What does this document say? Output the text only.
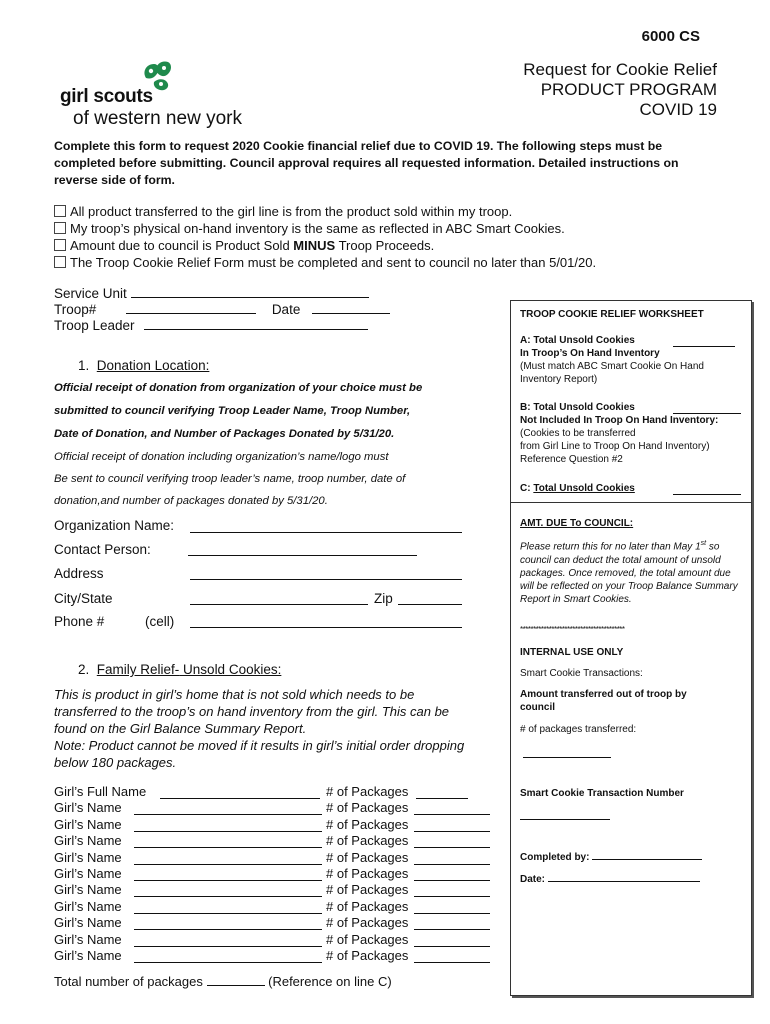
6000 CS
girl scouts
of western new york
Request for Cookie Relief
PRODUCT PROGRAM
COVID 19
Complete this form to request 2020 Cookie financial relief due to COVID 19. The following steps must be completed before submitting. Council approval requires all requested information. Detailed instructions on reverse side of form.
All product transferred to the girl line is from the product sold within my troop.
My troop’s physical on-hand inventory is the same as reflected in ABC Smart Cookies.
Amount due to council is Product Sold MINUS Troop Proceeds.
The Troop Cookie Relief Form must be completed and sent to council no later than 5/01/20.
Service Unit
Troop#	Date
Troop Leader
1. Donation Location:
Official receipt of donation from organization of your choice must be
submitted to council verifying Troop Leader Name, Troop Number,
Date of Donation, and Number of Packages Donated by 5/31/20.
Official receipt of donation including organization’s name/logo must
Be sent to council verifying troop leader’s name, troop number, date of
donation,and number of packages donated by 5/31/20.
Organization Name:
Contact Person:
Address
City/State	Zip
Phone #	(cell)
2. Family Relief- Unsold Cookies:
This is product in girl’s home that is not sold which needs to be
transferred to the troop’s on hand inventory from the girl. This can be
found on the Girl Balance Summary Report.
Note: Product cannot be moved if it results in girl’s initial order dropping
below 180 packages.
Girl’s Full Name	# of Packages
Girl’s Name	# of Packages
Girl’s Name	# of Packages
Girl’s Name	# of Packages
Girl’s Name	# of Packages
Girl’s Name	# of Packages
Girl’s Name	# of Packages
Girl’s Name	# of Packages
Girl’s Name	# of Packages
Girl’s Name	# of Packages
Girl’s Name	# of Packages
Total number of packages	(Reference on line C)
TROOP COOKIE RELIEF WORKSHEET
A: Total Unsold Cookies
In Troop’s On Hand Inventory
(Must match ABC Smart Cookie On Hand Inventory Report)
B: Total Unsold Cookies
Not Included In Troop On Hand Inventory:
(Cookies to be transferred
from Girl Line to Troop On Hand Inventory)
Reference Question #2
C: Total Unsold Cookies
AMT. DUE To COUNCIL:
Please return this for no later than May 1st so council can deduct the total amount of unsold packages. Once removed, the total amount due will be reflected on your Troop Balance Summary Report in Smart Cookies.
****************************************
INTERNAL USE ONLY
Smart Cookie Transactions:
Amount transferred out of troop by council
# of packages transferred:
Smart Cookie Transaction Number
Completed by:
Date:
